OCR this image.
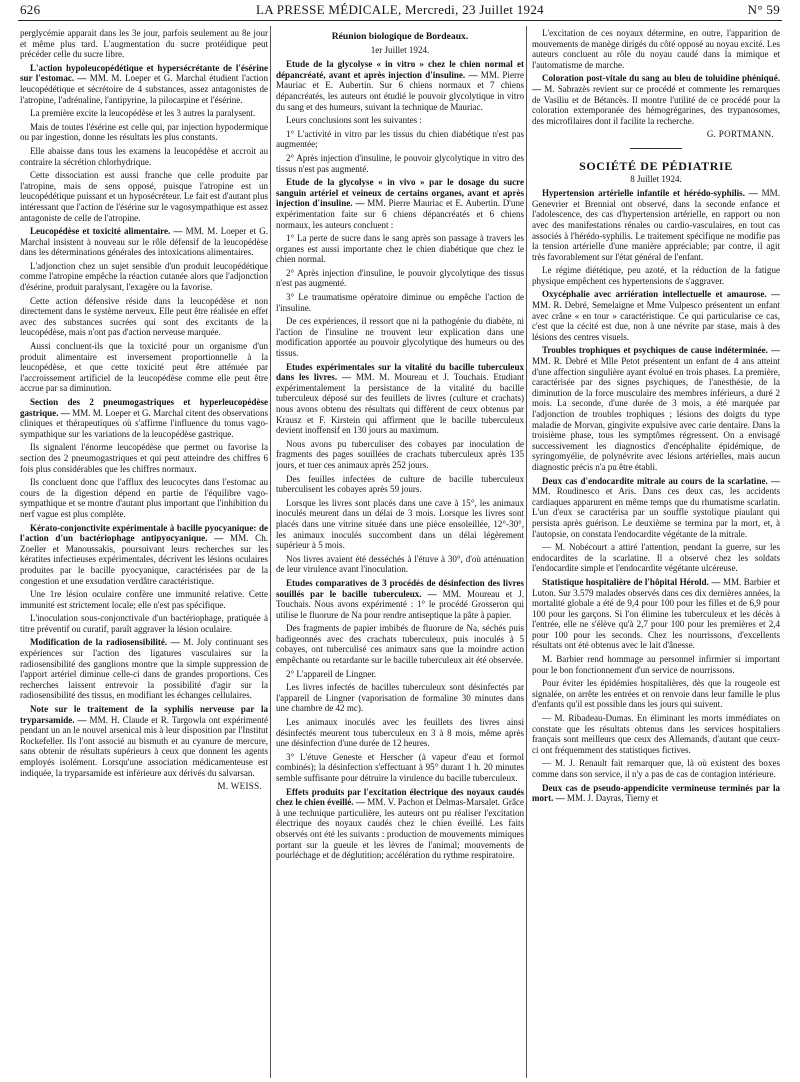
626	LA PRESSE MÉDICALE, Mercredi, 23 Juillet 1924	N° 59

perglycémie apparait dans les 3e jour, parfois seulement au 8e jour et même plus tard. L'augmentation du sucre protéidique peut précéder celle du sucre libre.

L'action hypoleucopédétique et hypersécrétante de l'ésérine sur l'estomac. — MM. M. Loeper et G. Marchal étudient l'action leucopédétique et sécrétoire de 4 substances, assez antagonistes de l'atropine, l'adrénaline, l'antipyrine, la pilocarpine et l'ésérine.

La première excite la leucopédèse et les 3 autres la paralysent.

Mais de toutes l'ésérine est celle qui, par injection hypodermique ou par ingestion, donne les résultats les plus constants.

Elle abaisse dans tous les examens la leucopédèse et accroit au contraire la sécrétion chlorhydrique.

Cette dissociation est aussi franche que celle produite par l'atropine, mais de sens opposé, puisque l'atropine est un leucopédétique puissant et un hyposécréteur. Le fait est d'autant plus intéressant que l'action de l'ésérine sur le vagosympathique est assez antagoniste de celle de l'atropine.

Leucopédèse et toxicité alimentaire. — MM. M. Loeper et G. Marchal insistent à nouveau sur le rôle défensif de la leucopédèse dans les déterminations générales des intoxications alimentaires.

L'adjonction chez un sujet sensible d'un produit leucopédétique comme l'atropine empêche la réaction cutanée alors que l'adjonction d'ésérine, produit paralysant, l'exagère ou la favorise.

Cette action défensive réside dans la leucopédèse et non directement dans le système nerveux. Elle peut être réalisée en effet avec des substances sucrées qui sont des excitants de la leucopédèse, mais n'ont pas d'action nerveuse marquée.

Aussi concluent-ils que la toxicité pour un organisme d'un produit alimentaire est inversement proportionnelle à la leucopédèse, et que cette toxicité peut être atténuée par l'accroissement artificiel de la leucopédèse comme elle peut être accrue par sa diminution.

Section des 2 pneumogastriques et hyperleucopédèse gastrique. — MM. M. Loeper et G. Marchal citent des observations cliniques et thérapeutiques où s'affirme l'influence du tonus vago-sympathique sur les variations de la leucopédèse gastrique.

Ils signalent l'énorme leucopédèse que permet ou favorise la section des 2 pneumogastriques et qui peut atteindre des chiffres 6 fois plus considérables que les chiffres normaux.

Ils concluent donc que l'afflux des leucocytes dans l'estomac au cours de la digestion dépend en partie de l'équilibre vago-sympathique et se montre d'autant plus important que l'inhibition du nerf vague est plus complète.

Kérato-conjonctivite expérimentale à bacille pyocyanique: de l'action d'un bactériophage antipyocyanique. — MM. Ch. Zoeller et Manoussakis, poursuivant leurs recherches sur les kératites infectieuses expérimentales, décrivent les lésions oculaires produites par le bacille pyocyanique, caractérisées par de la congestion et une exsudation verdâtre caractéristique.

Une 1re lésion oculaire confère une immunité relative. Cette immunité est strictement locale; elle n'est pas spécifique.

L'inoculation sous-conjonctivale d'un bactériophage, pratiquée à titre préventif ou curatif, paraît aggraver la lésion oculaire.

Modification de la radiosensibilité. — M. Joly continuant ses expériences sur l'action des ligatures vasculaires sur la radiosensibilité des ganglions montre que la simple suppression de l'apport artériel diminue celle-ci dans de grandes proportions. Ces recherches laissent entrevoir la possibilité d'agir sur la radiosensibilité des tissus, en modifiant les échanges cellulaires.

Note sur le traitement de la syphilis nerveuse par la tryparsamide. — MM. H. Claude et R. Targowla ont expérimenté pendant un an le nouvel arsenical mis à leur disposition par l'Institut Rockefeller. Ils l'ont associé au bismuth et au cyanure de mercure, sans obtenir de résultats supérieurs à ceux que donnent les agents employés isolément. Lorsqu'une association médicamenteuse est indiquée, la tryparsamide est inférieure aux dérivés du salvarsan.

M. WEISS.

Réunion biologique de Bordeaux.

1er Juillet 1924.

Etude de la glycolyse « in vitro » chez le chien normal et dépancréaté, avant et après injection d'insuline. — MM. Pierre Mauriac et E. Aubertin. Sur 6 chiens normaux et 7 chiens dépancréatés, les auteurs ont étudié le pouvoir glycolytique in vitro du sang et des humeurs, suivant la technique de Mauriac.

Leurs conclusions sont les suivantes :

1° L'activité in vitro par les tissus du chien diabétique n'est pas augmentée;

2° Après injection d'insuline, le pouvoir glycolytique in vitro des tissus n'est pas augmenté.

Etude de la glycolyse « in vivo » par le dosage du sucre sanguin artériel et veineux de certains organes, avant et après injection d'insuline. — MM. Pierre Mauriac et E. Aubertin. D'une expérimentation faite sur 6 chiens dépancréatés et 6 chiens normaux, les auteurs concluent :

1° La perte de sucre dans le sang après son passage à travers les organes est aussi importante chez le chien diabétique que chez le chien normal.

2° Après injection d'insuline, le pouvoir glycolytique des tissus n'est pas augmenté.

3° Le traumatisme opératoire diminue ou empêche l'action de l'insuline.

De ces expériences, il ressort que ni la pathogénie du diabète, ni l'action de l'insuline ne trouvent leur explication dans une modification apportée au pouvoir glycolytique des humeurs ou des tissus.

Etudes expérimentales sur la vitalité du bacille tuberculeux dans les livres. — MM. M. Moureau et J. Touchais. Etudiant expérimentalement la persistance de la vitalité du bacille tuberculeux déposé sur des feuillets de livres (culture et crachats) nous avons obtenu des résultats qui diffèrent de ceux obtenus par Krausz et F. Kirstein qui affirment que le bacille tuberculeux devient inoffensif en 130 jours au maximum.

Nous avons pu tuberculiser des cobayes par inoculation de fragments des pages souillées de crachats tuberculeux après 135 jours, et tuer ces animaux après 252 jours.

Des feuilles infectées de culture de bacille tuberculeux tuberculisent les cobayes après 59 jours.

Lorsque les livres sont placés dans une cave à 15°, les animaux inoculés meurent dans un délai de 3 mois. Lorsque les livres sont placés dans une vitrine située dans une pièce ensoleillée, 12°-30°, les animaux inoculés succombent dans un délai légèrement supérieur à 5 mois.

Nos livres avaient été desséchés à l'étuve à 30°, d'où atténuation de leur virulence avant l'inoculation.

Etudes comparatives de 3 procédés de désinfection des livres souillés par le bacille tuberculeux. — MM. Moureau et J. Touchais. Nous avons expérimenté : 1° le procédé Grosseron qui utilise le fluorure de Na pour rendre antiseptique la pâte à papier.

Des fragments de papier imbibés de fluorure de Na, séchés puis badigeonnés avec des crachats tuberculeux, puis inoculés à 5 cobayes, ont tuberculisé ces animaux sans que la moindre action empêchante ou retardante sur le bacille tuberculeux ait été observée.

2° L'appareil de Lingner.

Les livres infectés de bacilles tuberculeux sont désinfectés par l'appareil de Lingner (vaporisation de formaline 30 minutes dans une chambre de 42 mc).

Les animaux inoculés avec les feuillets des livres ainsi désinfectés meurent tous tuberculeux en 3 à 8 mois, même après une désinfection d'une durée de 12 heures.

3° L'étuve Geneste et Herscher (à vapeur d'eau et formol combinés); la désinfection s'effectuant à 95° durant 1 h. 20 minutes semble suffisante pour détruire la virulence du bacille tuberculeux.

Effets produits par l'excitation électrique des noyaux caudés chez le chien éveillé. — MM. V. Pachon et Delmas-Marsalet. Grâce à une technique particulière, les auteurs ont pu réaliser l'excitation électrique des noyaux caudés chez le chien éveillé. Les faits observés ont été les suivants : production de mouvements mimiques portant sur la gueule et les lèvres de l'animal; mouvements de pourléchage et de déglutition; accélération du rythme respiratoire.

L'excitation de ces noyaux détermine, en outre, l'apparition de mouvements de manège dirigés du côté opposé au noyau excité. Les auteurs concluent au rôle du noyau caudé dans la mimique et l'automatisme de marche.

Coloration post-vitale du sang au bleu de toluidine phéniqué. — M. Sabrazès revient sur ce procédé et commente les remarques de Vasiliu et de Bétancès. Il montre l'utilité de ce procédé pour la coloration extemporanée des hémogrégarines, des trypanosomes, des microfilaires dont il facilite la recherche.

G. PORTMANN.

SOCIÉTÉ DE PÉDIATRIE

8 Juillet 1924.

Hypertension artérielle infantile et hérédo-syphilis. — MM. Genevrier et Brennial ont observé, dans la seconde enfance et l'adolescence, des cas d'hypertension artérielle, en rapport ou non avec des manifestations rénales ou cardio-vasculaires, en tout cas associés à l'hérédo-syphilis. Le traitement spécifique ne modifie pas la tension artérielle d'une manière appréciable; par contre, il agit très favorablement sur l'état général de l'enfant.

Le régime diététique, peu azoté, et la réduction de la fatigue physique empêchent ces hypertensions de s'aggraver.

Oxycéphalie avec arriération intellectuelle et amaurose. — MM. R. Debré, Semelaigne et Mme Vulpesco présentent un enfant avec crâne « en tour » caractéristique. Ce qui particularise ce cas, c'est que la cécité est due, non à une névrite par stase, mais à des lésions des centres visuels.

Troubles trophiques et psychiques de cause indéterminée. — MM. R. Debré et Mlle Petot présentent un enfant de 4 ans atteint d'une affection singulière ayant évolué en trois phases. La première, caractérisée par des signes psychiques, de l'anesthésie, de la diminution de la force musculaire des membres inférieurs, a duré 2 mois. La seconde, d'une durée de 3 mois, a été marquée par l'adjonction de troubles trophiques ; lésions des doigts du type maladie de Morvan, gingivite expulsive avec carie dentaire. Dans la troisième phase, tous les symptômes régressent. On a envisagé successivement les diagnostics d'encéphalite épidémique, de syringomyélie, de polynévrite avec lésions artérielles, mais aucun diagnostic précis n'a pu être établi.

Deux cas d'endocardite mitrale au cours de la scarlatine. — MM. Roudinesco et Aris. Dans ces deux cas, les accidents cardiaques apparurent en même temps que du rhumatisme scarlatin. L'un d'eux se caractérisa par un souffle systolique piaulant qui persista après guérison. Le deuxième se termina par la mort, et, à l'autopsie, on constata l'endocardite végétante de la mitrale.

— M. Nobécourt a attiré l'attention, pendant la guerre, sur les endocardites de la scarlatine. Il a observé chez les soldats l'endocardite simple et l'endocardite végétante ulcéreuse.

Statistique hospitalière de l'hôpital Hérold. — MM. Barbier et Luton. Sur 3.579 malades observés dans ces dix dernières années, la mortalité globale a été de 9,4 pour 100 pour les filles et de 6,9 pour 100 pour les garçons. Si l'on élimine les tuberculeux et les décès à l'entrée, elle ne s'élève qu'à 2,7 pour 100 pour les premières et 2,4 pour 100 pour les seconds. Chez les nourrissons, d'excellents résultats ont été obtenus avec le lait d'ânesse.

M. Barbier rend hommage au personnel infirmier si important pour le bon fonctionnement d'un service de nourrissons.

Pour éviter les épidémies hospitalières, dès que la rougeole est signalée, on arrête les entrées et on renvoie dans leur famille le plus d'enfants qu'il est possible dans les jours qui suivent.

— M. Ribadeau-Dumas. En éliminant les morts immédiates on constate que les résultats obtenus dans les services hospitaliers français sont meilleurs que ceux des Allemands, d'autant que ceux-ci ont fréquemment des statistiques fictives.

— M. J. Renault fait remarquer que, là où existent des boxes comme dans son service, il n'y a pas de cas de contagion intérieure.

Deux cas de pseudo-appendicite vermineuse terminés par la mort. — MM. J. Dayras, Tierny et
